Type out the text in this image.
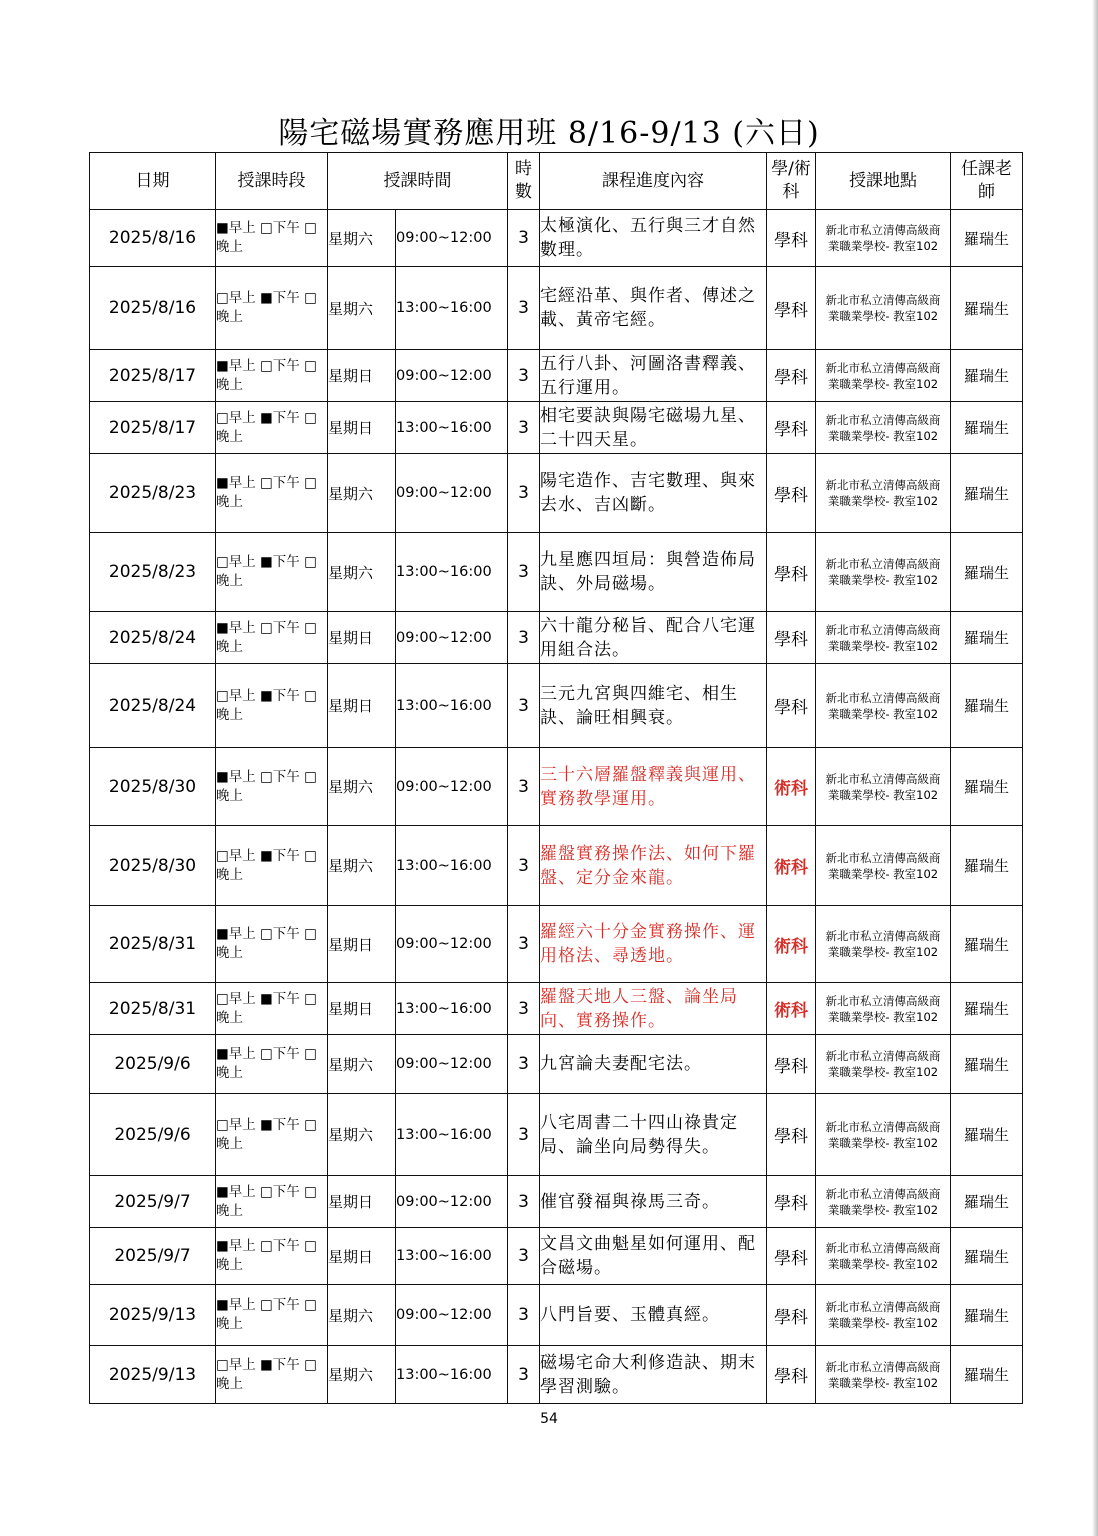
陽宅磁場實務應用班 8/16-9/13 (六日)
日期	授課時段	授課時間		時
數	課程進度內容	學/術
科	授課地點	任課老
師
2025/8/16	■早上 □下午 □
晚上	星期六	09:00~12:00	3	太極演化、五行與三才自然數理。	學科	新北市私立清傳高級商
業職業學校- 教室102	羅瑞生
2025/8/16	□早上 ■下午 □
晚上	星期六	13:00~16:00	3	宅經沿革、與作者、傳述之載、黃帝宅經。	學科	新北市私立清傳高級商
業職業學校- 教室102	羅瑞生
2025/8/17	■早上 □下午 □
晚上	星期日	09:00~12:00	3	五行八卦、河圖洛書釋義、五行運用。	學科	新北市私立清傳高級商
業職業學校- 教室102	羅瑞生
2025/8/17	□早上 ■下午 □
晚上	星期日	13:00~16:00	3	相宅要訣與陽宅磁場九星、二十四天星。	學科	新北市私立清傳高級商
業職業學校- 教室102	羅瑞生
2025/8/23	■早上 □下午 □
晚上	星期六	09:00~12:00	3	陽宅造作、吉宅數理、與來去水、吉凶斷。	學科	新北市私立清傳高級商
業職業學校- 教室102	羅瑞生
2025/8/23	□早上 ■下午 □
晚上	星期六	13:00~16:00	3	九星應四垣局：與營造佈局訣、外局磁場。	學科	新北市私立清傳高級商
業職業學校- 教室102	羅瑞生
2025/8/24	■早上 □下午 □
晚上	星期日	09:00~12:00	3	六十龍分秘旨、配合八宅運用組合法。	學科	新北市私立清傳高級商
業職業學校- 教室102	羅瑞生
2025/8/24	□早上 ■下午 □
晚上	星期日	13:00~16:00	3	三元九宮與四維宅、相生訣、論旺相興衰。	學科	新北市私立清傳高級商
業職業學校- 教室102	羅瑞生
2025/8/30	■早上 □下午 □
晚上	星期六	09:00~12:00	3	三十六層羅盤釋義與運用、實務教學運用。	術科	新北市私立清傳高級商
業職業學校- 教室102	羅瑞生
2025/8/30	□早上 ■下午 □
晚上	星期六	13:00~16:00	3	羅盤實務操作法、如何下羅盤、定分金來龍。	術科	新北市私立清傳高級商
業職業學校- 教室102	羅瑞生
2025/8/31	■早上 □下午 □
晚上	星期日	09:00~12:00	3	羅經六十分金實務操作、運用格法、尋透地。	術科	新北市私立清傳高級商
業職業學校- 教室102	羅瑞生
2025/8/31	□早上 ■下午 □
晚上	星期日	13:00~16:00	3	羅盤天地人三盤、論坐局向、實務操作。	術科	新北市私立清傳高級商
業職業學校- 教室102	羅瑞生
2025/9/6	■早上 □下午 □
晚上	星期六	09:00~12:00	3	九宮論夫妻配宅法。	學科	新北市私立清傳高級商
業職業學校- 教室102	羅瑞生
2025/9/6	□早上 ■下午 □
晚上	星期六	13:00~16:00	3	八宅周書二十四山祿貴定局、論坐向局勢得失。	學科	新北市私立清傳高級商
業職業學校- 教室102	羅瑞生
2025/9/7	■早上 □下午 □
晚上	星期日	09:00~12:00	3	催官發福與祿馬三奇。	學科	新北市私立清傳高級商
業職業學校- 教室102	羅瑞生
2025/9/7	■早上 □下午 □
晚上	星期日	13:00~16:00	3	文昌文曲魁星如何運用、配合磁場。	學科	新北市私立清傳高級商
業職業學校- 教室102	羅瑞生
2025/9/13	■早上 □下午 □
晚上	星期六	09:00~12:00	3	八門旨要、玉體真經。	學科	新北市私立清傳高級商
業職業學校- 教室102	羅瑞生
2025/9/13	□早上 ■下午 □
晚上	星期六	13:00~16:00	3	磁場宅命大利修造訣、期末學習測驗。	學科	新北市私立清傳高級商
業職業學校- 教室102	羅瑞生
54
